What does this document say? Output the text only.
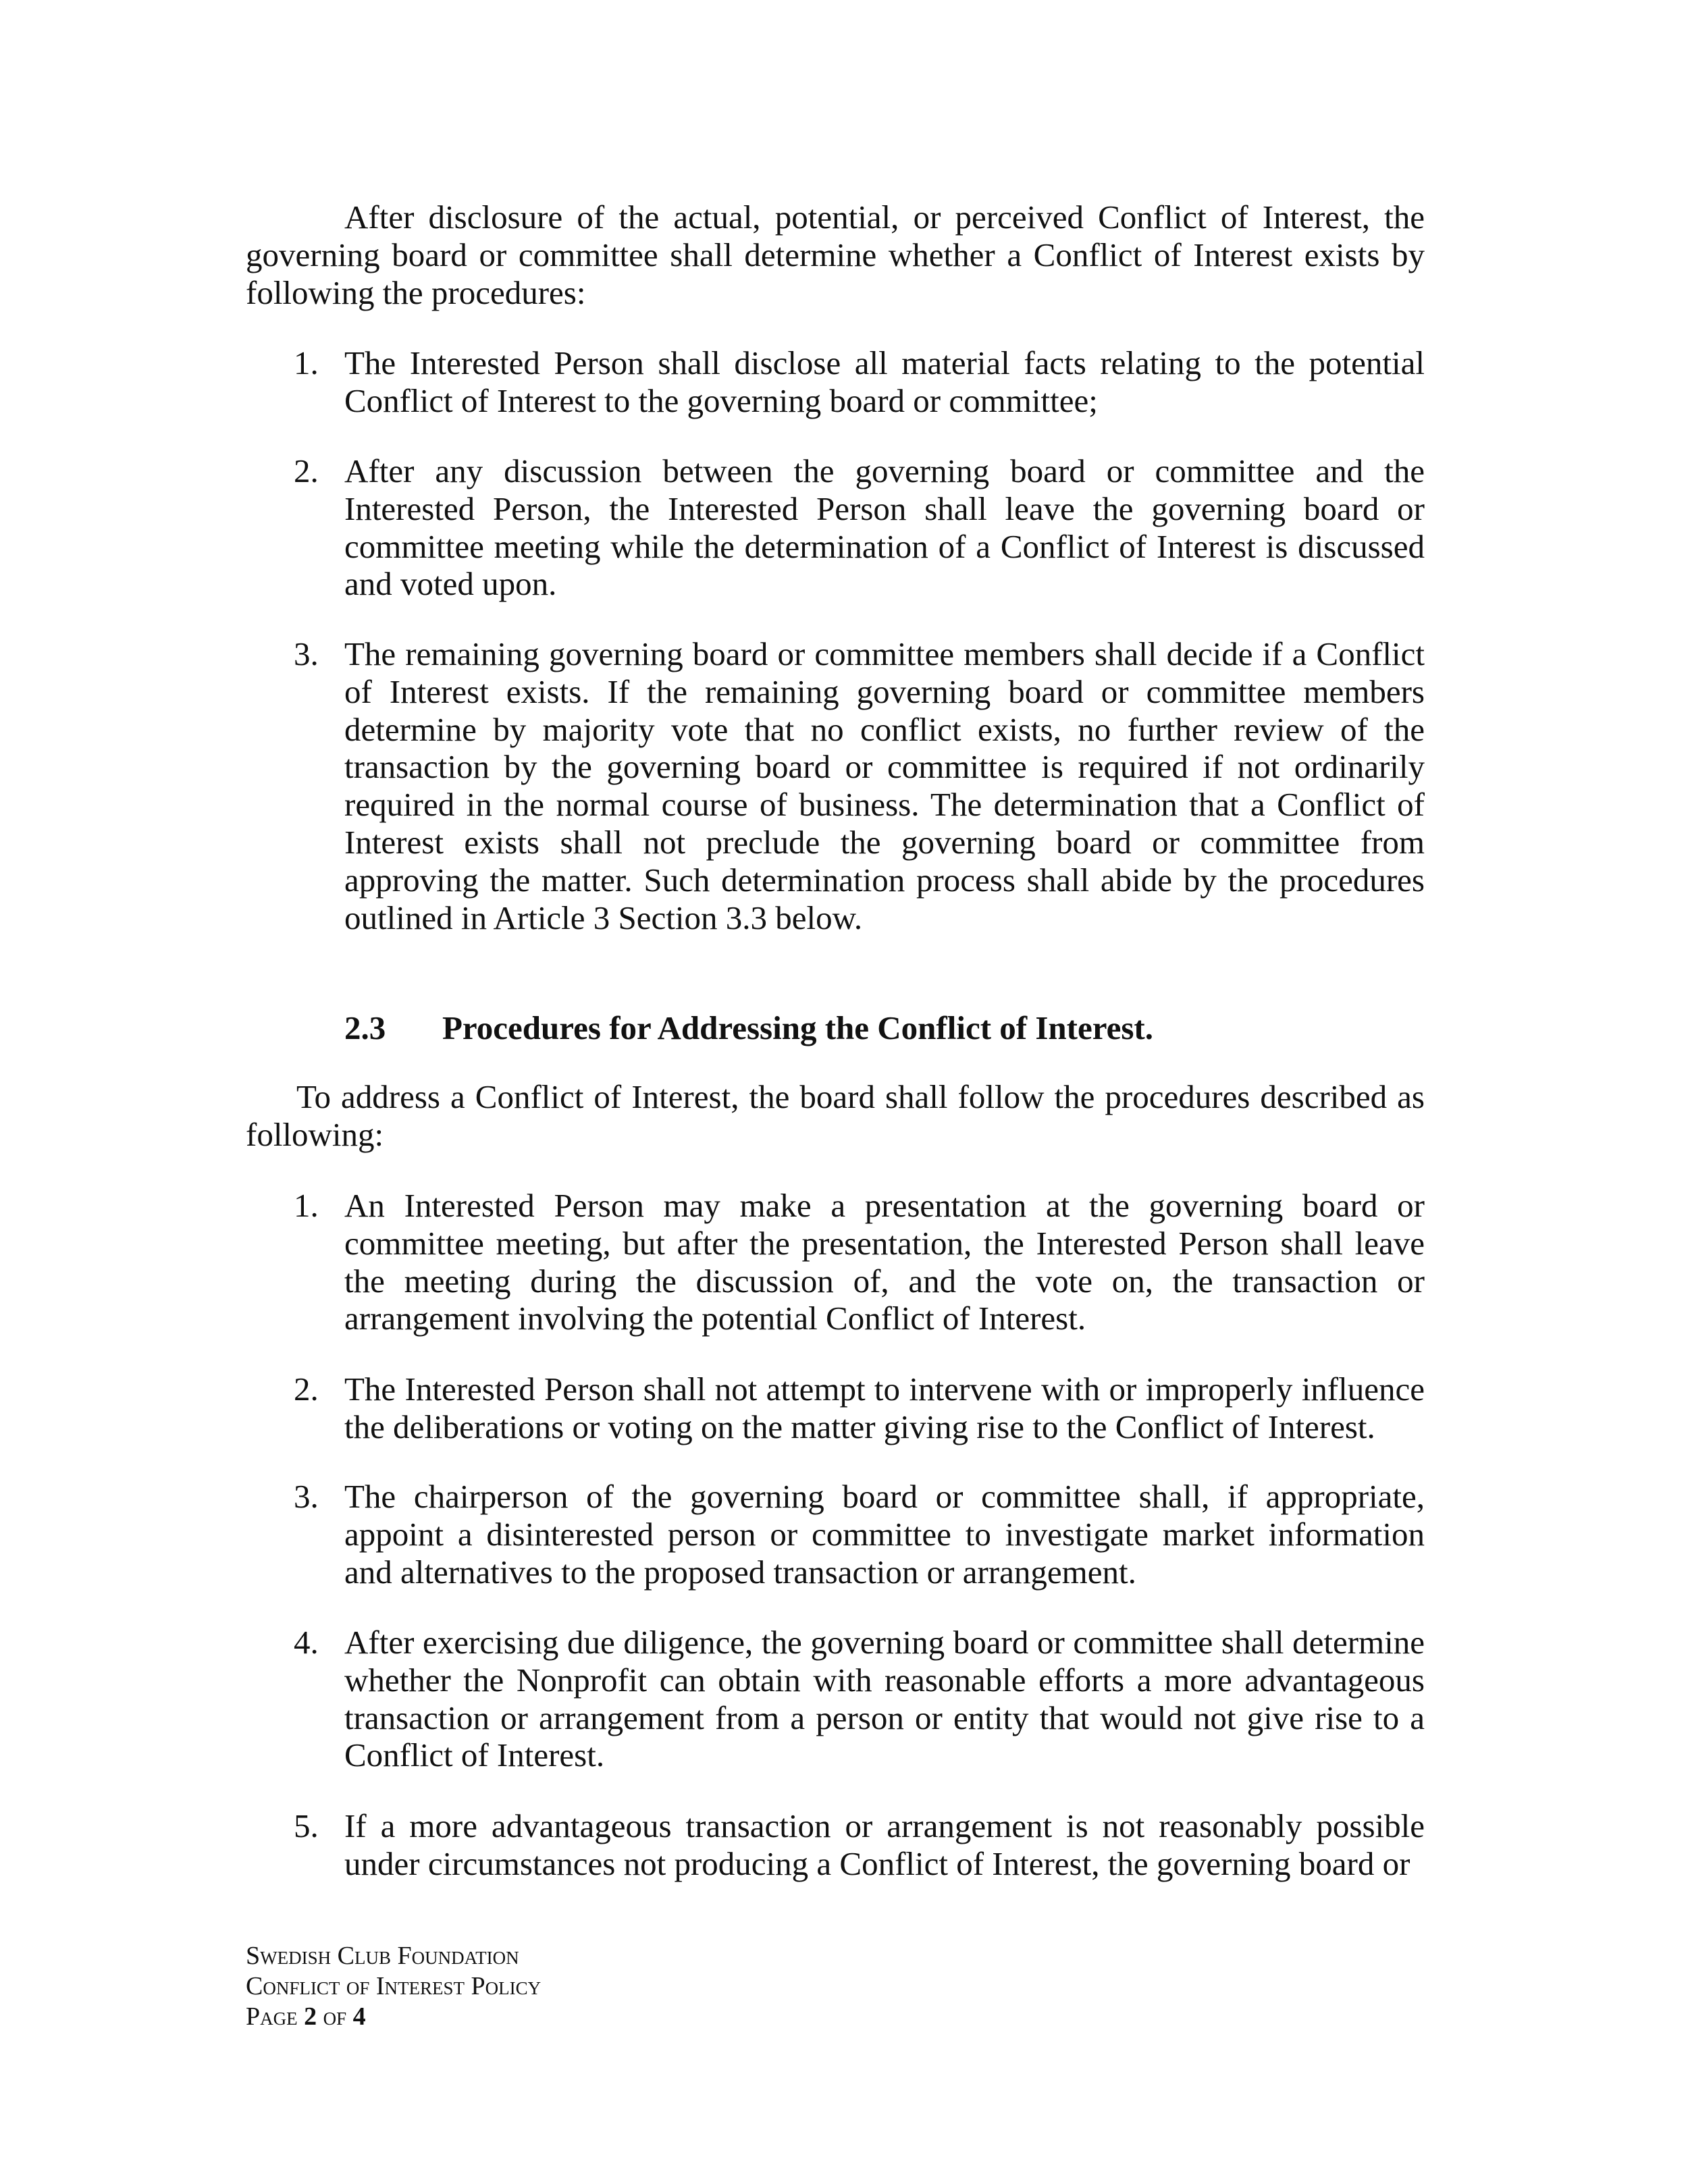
After disclosure of the actual, potential, or perceived Conflict of Interest, the governing board or committee shall determine whether a Conflict of Interest exists by following the procedures:

1. The Interested Person shall disclose all material facts relating to the potential Conflict of Interest to the governing board or committee;
2. After any discussion between the governing board or committee and the Interested Person, the Interested Person shall leave the governing board or committee meeting while the determination of a Conflict of Interest is discussed and voted upon.
3. The remaining governing board or committee members shall decide if a Conflict of Interest exists. If the remaining governing board or committee members determine by majority vote that no conflict exists, no further review of the transaction by the governing board or committee is required if not ordinarily required in the normal course of business. The determination that a Conflict of Interest exists shall not preclude the governing board or committee from approving the matter. Such determination process shall abide by the procedures outlined in Article 3 Section 3.3 below.
2.3 Procedures for Addressing the Conflict of Interest.

To address a Conflict of Interest, the board shall follow the procedures described as following:

1. An Interested Person may make a presentation at the governing board or committee meeting, but after the presentation, the Interested Person shall leave the meeting during the discussion of, and the vote on, the transaction or arrangement involving the potential Conflict of Interest.
2. The Interested Person shall not attempt to intervene with or improperly influence the deliberations or voting on the matter giving rise to the Conflict of Interest.
3. The chairperson of the governing board or committee shall, if appropriate, appoint a disinterested person or committee to investigate market information and alternatives to the proposed transaction or arrangement.
4. After exercising due diligence, the governing board or committee shall determine whether the Nonprofit can obtain with reasonable efforts a more advantageous transaction or arrangement from a person or entity that would not give rise to a Conflict of Interest.
5. If a more advantageous transaction or arrangement is not reasonably possible under circumstances not producing a Conflict of Interest, the governing board or
Swedish Club Foundation
Conflict of Interest Policy
Page 2 of 4
